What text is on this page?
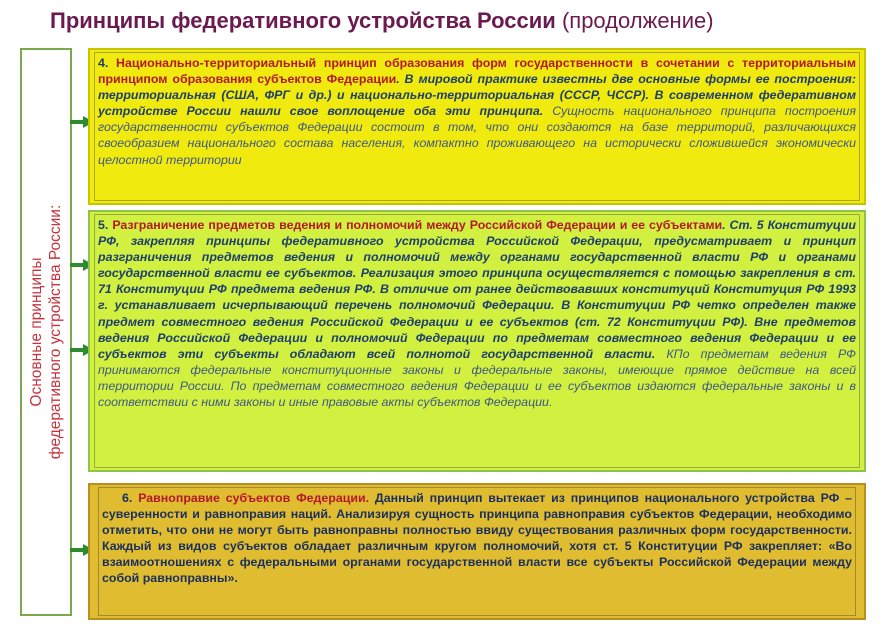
Принципы федеративного устройства России (продолжение)
Основные принципы федеративного устройства России:
4. Национально-территориальный принцип образования форм государственности в сочетании с территориальным принципом образования субъектов Федерации. В мировой практике известны две основные формы ее построения: территориальная (США, ФРГ и др.) и национально-территориальная (СССР, ЧССР). В современном федеративном устройстве России нашли свое воплощение оба эти принципа. Сущность национального принципа построения государственности субъектов Федерации состоит в том, что они создаются на базе территорий, различающихся своеобразием национального состава населения, компактно проживающего на исторически сложившейся экономически целостной территории
5. Разграничение предметов ведения и полномочий между Российской Федерации и ее субъектами. Ст. 5 Конституции РФ, закрепляя принципы федеративного устройства Российской Федерации, предусматривает и принцип разграничения предметов ведения и полномочий между органами государственной власти РФ и органами государственной власти ее субъектов. Реализация этого принципа осуществляется с помощью закрепления в ст. 71 Конституции РФ предмета ведения РФ. В отличие от ранее действовавших конституций Конституция РФ 1993 г. устанавливает исчерпывающий перечень полномочий Федерации. В Конституции РФ четко определен также предмет совместного ведения Российской Федерации и ее субъектов (ст. 72 Конституции РФ). Вне предметов ведения Российской Федерации и полномочий Федерации по предметам совместного ведения Федерации и ее субъектов эти субъекты обладают всей полнотой государственной власти. КПо предметам ведения РФ принимаются федеральные конституционные законы и федеральные законы, имеющие прямое действие на всей территории России. По предметам совместного ведения Федерации и ее субъектов издаются федеральные законы и в соответствии с ними законы и иные правовые акты субъектов Федерации.
6. Равноправие субъектов Федерации. Данный принцип вытекает из принципов национального устройства РФ – суверенности и равноправия наций. Анализируя сущность принципа равноправия субъектов Федерации, необходимо отметить, что они не могут быть равноправны полностью ввиду существования различных форм государственности. Каждый из видов субъектов обладает различным кругом полномочий, хотя ст. 5 Конституции РФ закрепляет: «Во взаимоотношениях с федеральными органами государственной власти все субъекты Российской Федерации между собой равноправны».
